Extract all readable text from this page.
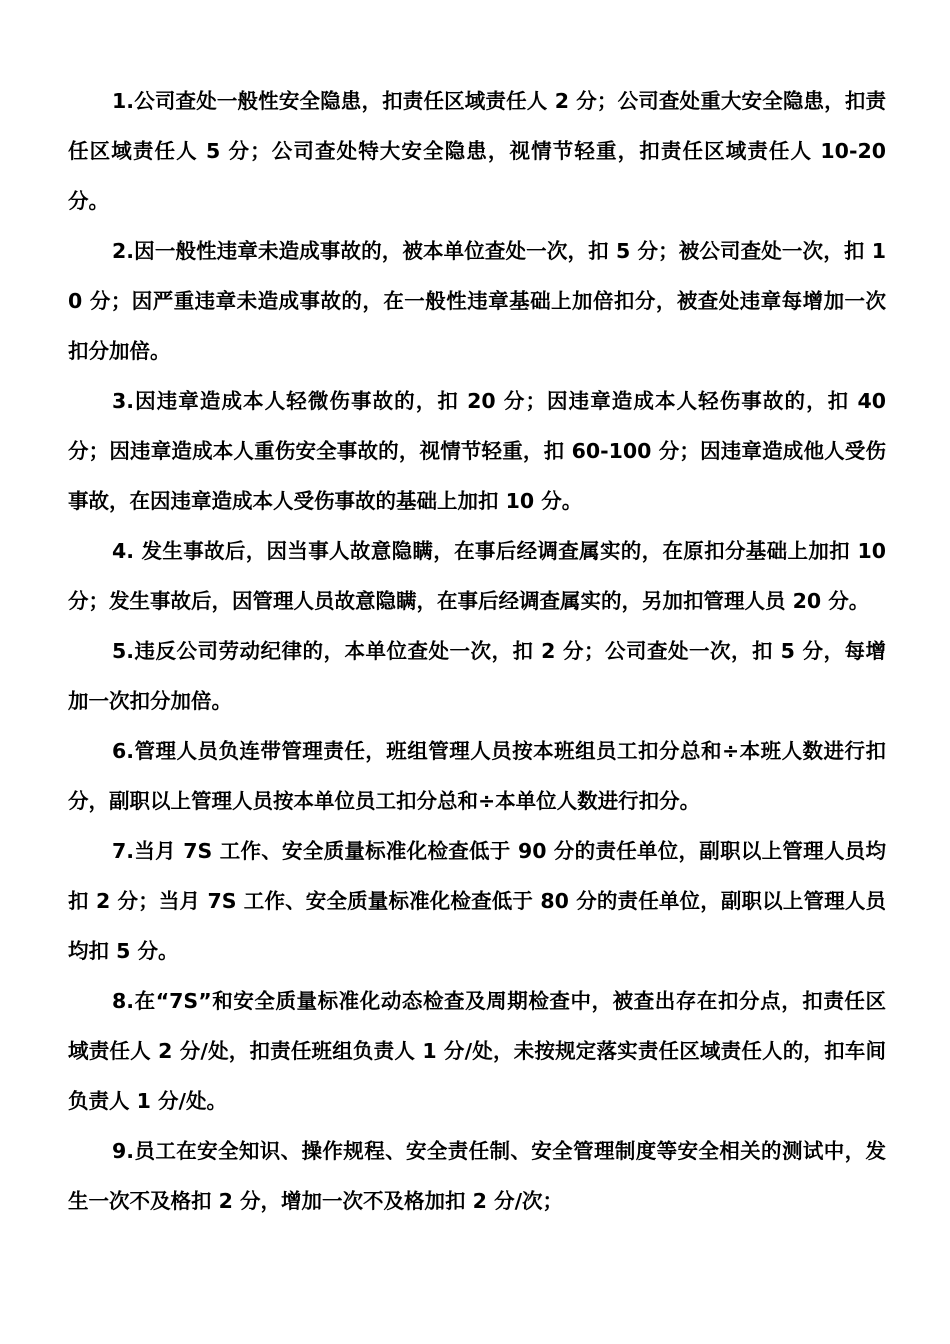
1.公司查处一般性安全隐患，扣责任区域责任人 2 分；公司查处重大安全隐患，扣责任区域责任人 5 分；公司查处特大安全隐患，视情节轻重，扣责任区域责任人 10-20 分。

2.因一般性违章未造成事故的，被本单位查处一次，扣 5 分；被公司查处一次，扣 10 分；因严重违章未造成事故的，在一般性违章基础上加倍扣分，被查处违章每增加一次扣分加倍。

3.因违章造成本人轻微伤事故的，扣 20 分；因违章造成本人轻伤事故的，扣 40 分；因违章造成本人重伤安全事故的，视情节轻重，扣 60-100 分；因违章造成他人受伤事故，在因违章造成本人受伤事故的基础上加扣 10 分。

4. 发生事故后，因当事人故意隐瞒，在事后经调查属实的，在原扣分基础上加扣 10 分；发生事故后，因管理人员故意隐瞒，在事后经调查属实的，另加扣管理人员 20 分。

5.违反公司劳动纪律的，本单位查处一次，扣 2 分；公司查处一次，扣 5 分，每增加一次扣分加倍。

6.管理人员负连带管理责任，班组管理人员按本班组员工扣分总和÷本班人数进行扣分，副职以上管理人员按本单位员工扣分总和÷本单位人数进行扣分。

7.当月 7S 工作、安全质量标准化检查低于 90 分的责任单位，副职以上管理人员均扣 2 分；当月 7S 工作、安全质量标准化检查低于 80 分的责任单位，副职以上管理人员均扣 5 分。

8.在“7S”和安全质量标准化动态检查及周期检查中，被查出存在扣分点，扣责任区域责任人 2 分/处，扣责任班组负责人 1 分/处，未按规定落实责任区域责任人的，扣车间负责人 1 分/处。

9.员工在安全知识、操作规程、安全责任制、安全管理制度等安全相关的测试中，发生一次不及格扣 2 分，增加一次不及格加扣 2 分/次；
